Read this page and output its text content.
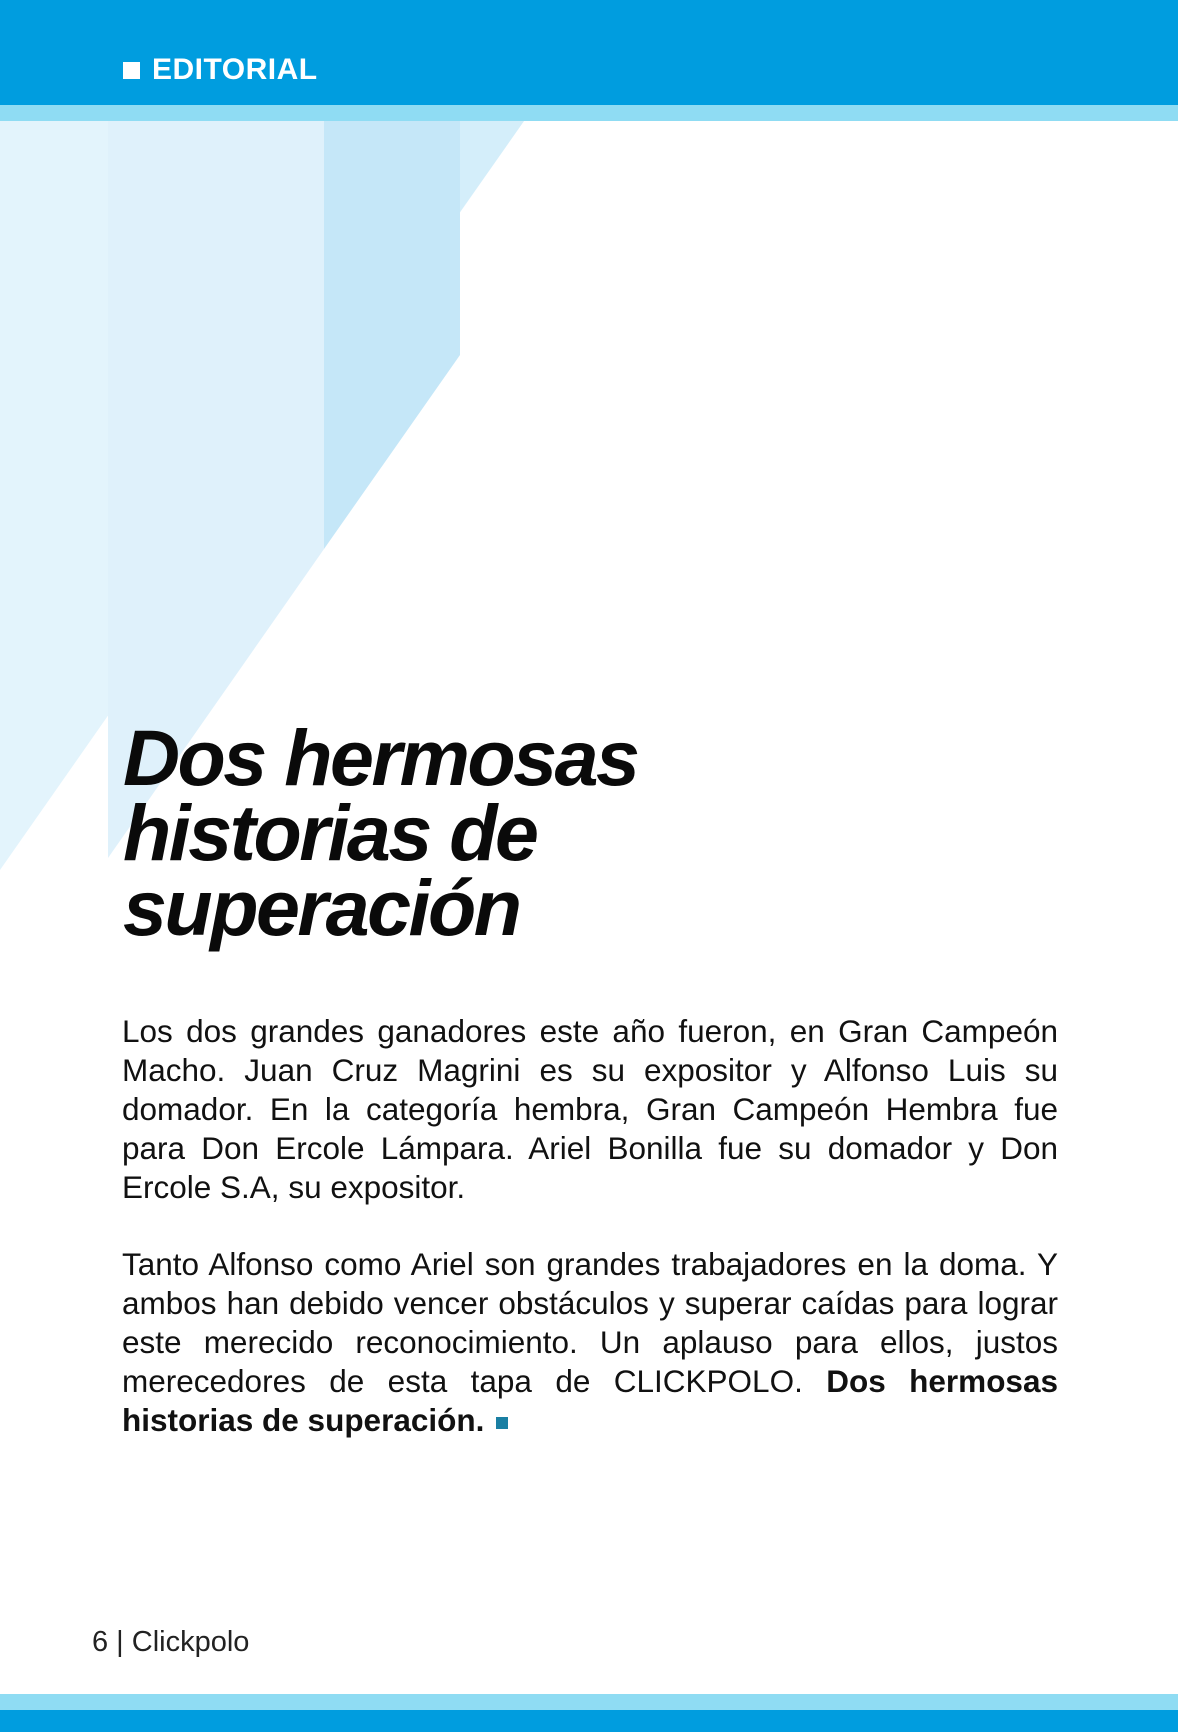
EDITORIAL
Dos hermosas
historias de
superación

Los dos grandes ganadores este año fueron, en Gran Campeón Macho. Juan Cruz Magrini es su expositor y Alfonso Luis su domador. En la categoría hembra, Gran Campeón Hembra fue para Don Ercole Lámpara. Ariel Bonilla fue su domador y Don Ercole S.A, su expositor.

Tanto Alfonso como Ariel son grandes trabajadores en la doma. Y ambos han debido vencer obstáculos y superar caídas para lograr este merecido reconocimiento. Un aplauso para ellos, justos merecedores de esta tapa de CLICKPOLO. Dos hermosas historias de superación.

6 | Clickpolo
